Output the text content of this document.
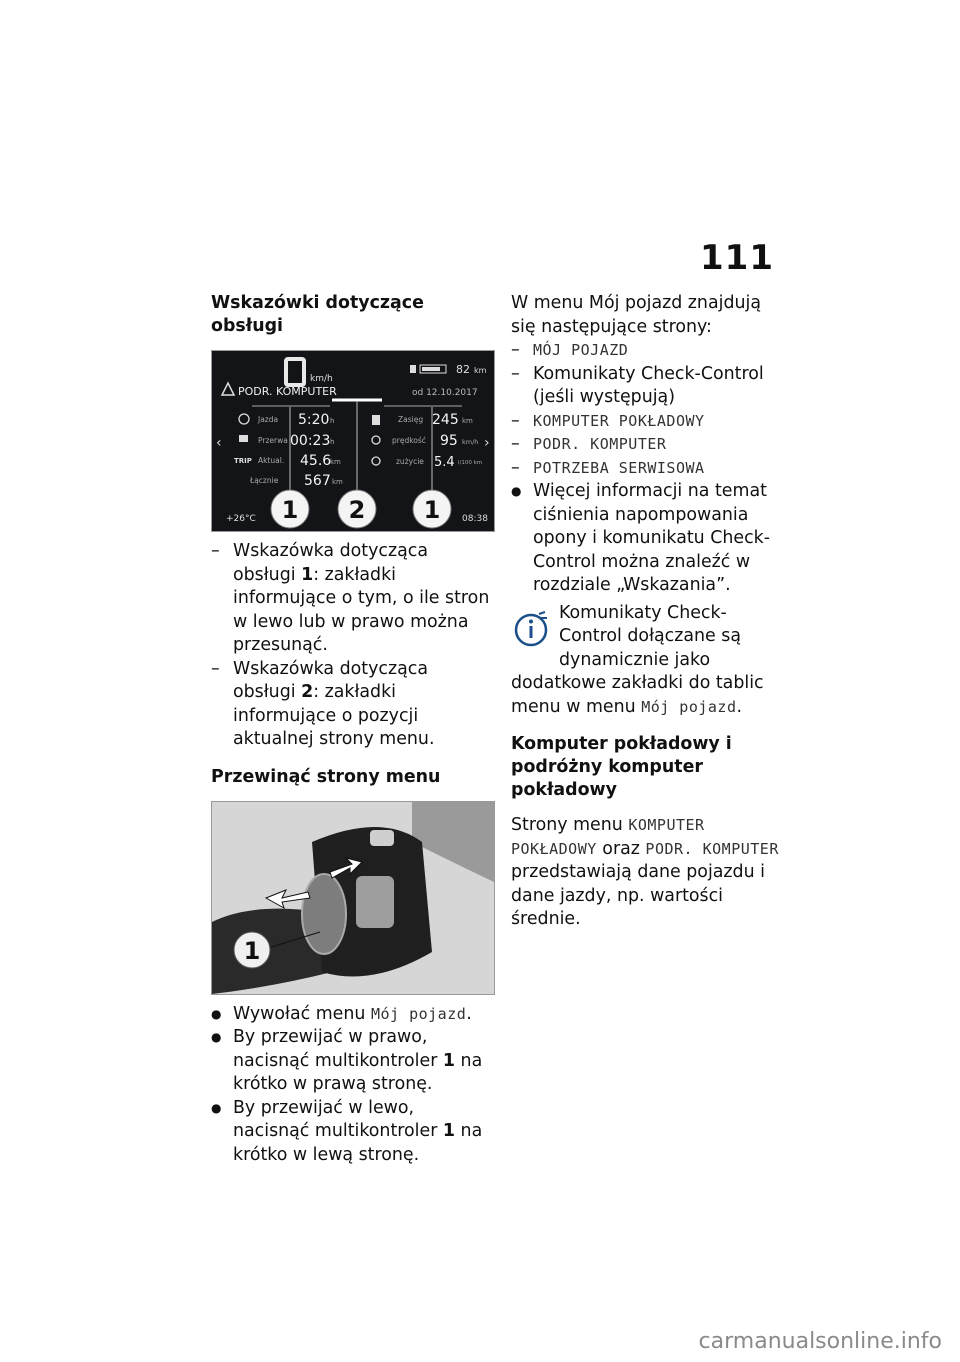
111
Wskazówki dotyczące obsługi
km/h
82 km
PODR. KOMPUTER	od 12.10.2017
Jazda 5:20 h
Przerwa 00:23 h
TRIP Aktual. 45.6
km
Łącznie 567 km
Zasięg 245 km
prędkość 95 km/h
zużycie 5.4 l/100 km
‹	›
1 2 1
+26°C	08:38
– Wskazówka dotycząca obsługi 1: zakładki informujące o tym, o ile stron w lewo lub w prawo można przesunąć.
– Wskazówka dotycząca obsługi 2: zakładki informujące o pozycji aktualnej strony menu.
Przewinąć strony menu
1
● Wywołać menu Mój pojazd.
● By przewijać w prawo, nacisnąć multikontroler 1 na krótko w prawą stronę.
● By przewijać w lewo, nacisnąć multikontroler 1 na krótko w lewą stronę.
W menu Mój pojazd znajdują się następujące strony:
– MÓJ POJAZD
– Komunikaty Check-Control (jeśli występują)
– KOMPUTER POKŁADOWY
– PODR. KOMPUTER
– POTRZEBA SERWISOWA
● Więcej informacji na temat ciśnienia napompowania opony i komunikatu Check-Control można znaleźć w rozdziale „Wskazania”.
Komunikaty Check-Control dołączane są dynamicznie jako dodatkowe zakładki do tablic menu w menu Mój pojazd.
Komputer pokładowy i podróżny komputer pokładowy
Strony menu KOMPUTER POKŁADOWY oraz PODR. KOMPUTER przedstawiają dane pojazdu i dane jazdy, np. wartości średnie.
carmanualsonline.info
